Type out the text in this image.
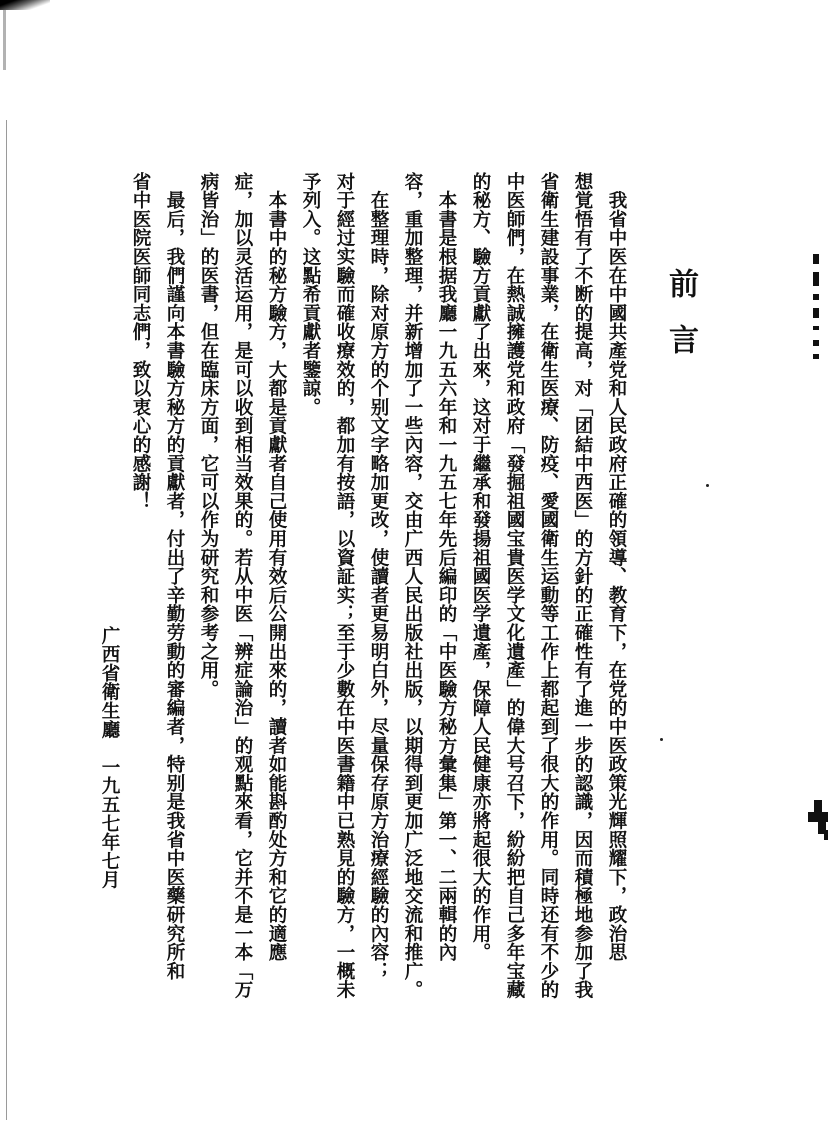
前言
　我省中医在中國共產党和人民政府正確的領導、教育下，在党的中医政策光輝照耀下，政治思
想覚悟有了不断的提高，对「团結中西医」的方針的正確性有了進一步的認識，因而積極地参加了我
省衛生建設事業，在衛生医療、防疫、愛國衛生运動等工作上都起到了很大的作用。同時还有不少的
中医師們，在熱誠擁護党和政府「發掘祖國宝貴医学文化遺產」的偉大号召下，紛紛把自己多年宝藏
的秘方、驗方貢獻了出來，这对于繼承和發揚祖國医学遺產，保障人民健康亦將起很大的作用。
　本書是根据我廳一九五六年和一九五七年先后編印的「中医驗方秘方彙集」第一、二兩輯的內
容，重加整理，并新增加了一些內容，交由广西人民出版社出版，以期得到更加广泛地交流和推广。
　在整理時，除对原方的个别文字略加更改，使讀者更易明白外，尽量保存原方治療經驗的內容；
对于經过实驗而確收療效的，都加有按語，以資証实；至于少數在中医書籍中已熟見的驗方，一概未
予列入。这點希貢獻者鑒諒。
　本書中的秘方驗方，大都是貢獻者自己使用有效后公開出來的，讀者如能斟酌处方和它的適應
症，加以灵活运用，是可以收到相当效果的。若从中医「辨症論治」的观點來看，它并不是一本「万
病皆治」的医書，但在臨床方面，它可以作为研究和参考之用。
　最后，我們謹向本書驗方秘方的貢獻者，付出了辛勤劳動的審編者，特别是我省中医藥研究所和
省中医院医師同志們，致以衷心的感謝！
广西省衛生廳　一九五七年七月
